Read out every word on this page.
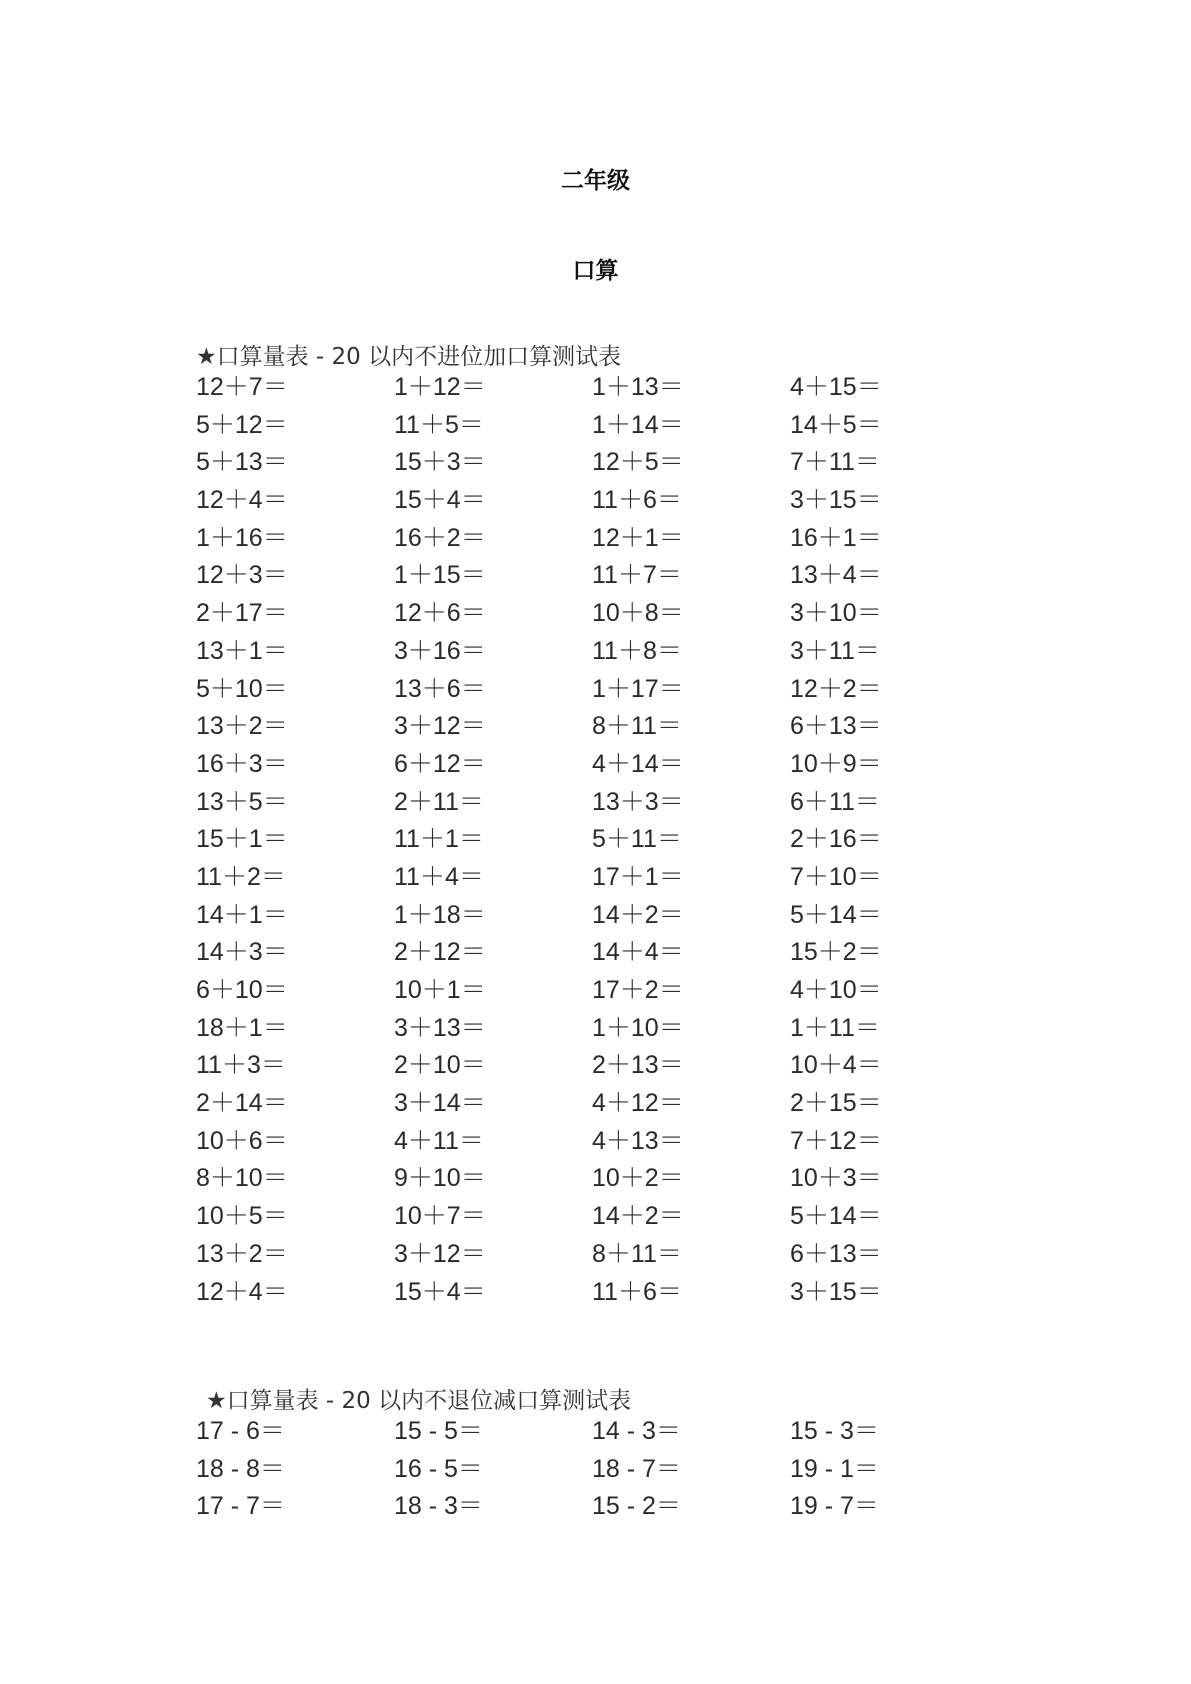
二年级
口算
★口算量表 - 20 以内不进位加口算测试表
12＋7＝	1＋12＝	1＋13＝	4＋15＝
5＋12＝	11＋5＝	1＋14＝	14＋5＝
5＋13＝	15＋3＝	12＋5＝	7＋11＝
12＋4＝	15＋4＝	11＋6＝	3＋15＝
1＋16＝	16＋2＝	12＋1＝	16＋1＝
12＋3＝	1＋15＝	11＋7＝	13＋4＝
2＋17＝	12＋6＝	10＋8＝	3＋10＝
13＋1＝	3＋16＝	11＋8＝	3＋11＝
5＋10＝	13＋6＝	1＋17＝	12＋2＝
13＋2＝	3＋12＝	8＋11＝	6＋13＝
16＋3＝	6＋12＝	4＋14＝	10＋9＝
13＋5＝	2＋11＝	13＋3＝	6＋11＝
15＋1＝	11＋1＝	5＋11＝	2＋16＝
11＋2＝	11＋4＝	17＋1＝	7＋10＝
14＋1＝	1＋18＝	14＋2＝	5＋14＝
14＋3＝	2＋12＝	14＋4＝	15＋2＝
6＋10＝	10＋1＝	17＋2＝	4＋10＝
18＋1＝	3＋13＝	1＋10＝	1＋11＝
11＋3＝	2＋10＝	2＋13＝	10＋4＝
2＋14＝	3＋14＝	4＋12＝	2＋15＝
10＋6＝	4＋11＝	4＋13＝	7＋12＝
8＋10＝	9＋10＝	10＋2＝	10＋3＝
10＋5＝	10＋7＝	14＋2＝	5＋14＝
13＋2＝	3＋12＝	8＋11＝	6＋13＝
12＋4＝	15＋4＝	11＋6＝	3＋15＝
★口算量表 - 20 以内不退位减口算测试表
17 - 6＝	15 - 5＝	14 - 3＝	15 - 3＝
18 - 8＝	16 - 5＝	18 - 7＝	19 - 1＝
17 - 7＝	18 - 3＝	15 - 2＝	19 - 7＝
